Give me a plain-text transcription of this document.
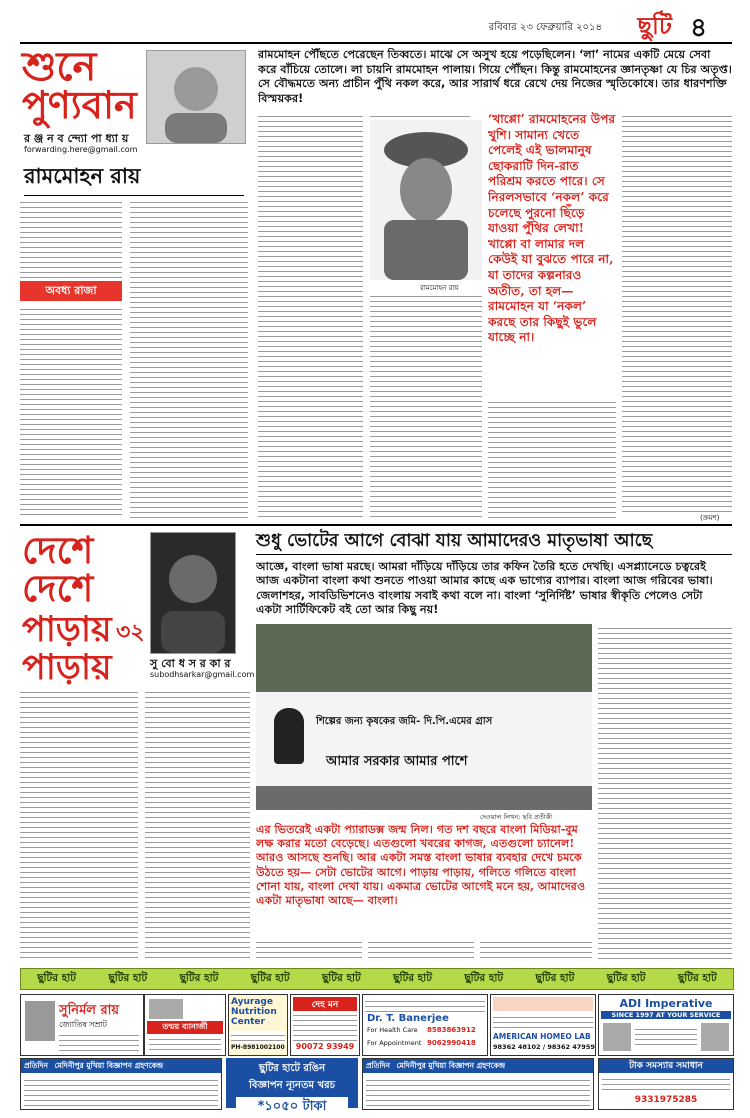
রবিবার ২৩ ফেব্রুয়ারি ২০১৪ ছুটি ৪
শুনে
পুণ্যবান
র ঞ্জ ন ব ন্দ্যো পা ধ্যা য়
forwarding.here@gmail.com
রামমোহন রায়
অবধ্য রাজা
রামমোহন পৌঁছতে পেরেছেন তিব্বতে। মাঝে সে অসুখ হয়ে পড়েছিলেন। ‘লা’ নামের একটি মেয়ে সেবা করে বাঁচিয়ে তোলে। লা চায়নি রামমোহন পালায়। গিয়ে পৌঁছন। কিন্তু রামমোহনের জ্ঞানতৃষ্ণা যে চির অতৃপ্ত। সে বৌদ্ধমতে অন্য প্রাচীন পুঁথি নকল করে, আর সারার্থ ধরে রেখে দেয় নিজের স্মৃতিকোষে। তার ধারণশক্তি বিস্ময়কর!
রামমোহন রায়
‘খাপ্পো’ রামমোহনের উপর খুশি। সামান্য খেতে পেলেই এই ভালমানুষ ছোকরাটি দিন-রাত পরিশ্রম করতে পারে। সে নিরলসভাবে ‘নকল’ করে চলেছে পুরনো ছিঁড়ে যাওয়া পুঁথির লেখা! খাপ্পো বা লামার দল কেউই যা বুঝতে পারে না, যা তাদের কল্পনারও অতীত, তা হল— রামমোহন যা ‘নকল’ করছে তার কিছুই ভুলে যাচ্ছে না।
(ক্রমশ)
দেশে
দেশে
পাড়ায়
পাড়ায়
৩২
সু বো ধ স র কা র
subodhsarkar@gmail.com
শুধু ভোটের আগে বোঝা যায় আমাদেরও মাতৃভাষা আছে
আজ্ঞে, বাংলা ভাষা মরছে। আমরা দাঁড়িয়ে দাঁড়িয়ে তার কফিন তৈরি হতে দেখছি। এসপ্ল্যানেডে চত্বরেই আজ একটানা বাংলা কথা শুনতে পাওয়া আমার কাছে এক ভাগ্যের ব্যাপার। বাংলা আজ গরিবের ভাষা। জেলাশহর, সাবডিভিশনেও বাংলায় সবাই কথা বলে না। বাংলা ‘সুনির্দিষ্ট’ ভাষার স্বীকৃতি পেলেও সেটা একটা সার্টিফিকেট বই তো আর কিছু নয়!
শিল্পের জন্য কৃষকের জমি- দি.পি.এমের গ্রাস
আমার সরকার আমার পাশে
দেওয়াল লিখন: ছবি প্রতীকী
এর ভিতরেই একটা প্যারাডক্স জন্ম নিল। গত দশ বছরে বাংলা মিডিয়া-বুম লক্ষ করার মতো বেড়েছে। এতগুলো খবরের কাগজ, এতগুলো চ্যানেল! আরও আসছে শুনছি। আর একটা সমস্ত বাংলা ভাষার ব্যবহার দেখে চমকে উঠতে হয়— সেটা ভোটের আগে। পাড়ায় পাড়ায়, গলিতে গলিতে বাংলা শোনা যায়, বাংলা দেখা যায়। একমাত্র ভোটের আগেই মনে হয়, আমাদেরও একটা মাতৃভাষা আছে— বাংলা।
ছুটির হাট	ছুটির হাট	ছুটির হাট	ছুটির হাট	ছুটির হাট	ছুটির হাট	ছুটির হাট	ছুটির হাট	ছুটির হাট	ছুটির হাট
সুনির্মল রায়
জ্যোতিষ সম্রাট	তন্ময় ব্যানার্জী
Ayurage Nutrition Center
PH-8981002100
দেহ মন
90072 93949
Dr. T. Banerjee
For Health Care 8583863912
For Appointment 9062990418
AMERICAN HOMEO LAB
98362 48102 / 98362 47959
ADI Imperative
SINCE 1997 AT YOUR SERVICE
প্রতিদিন মেদিনীপুর মুখিয়া বিজ্ঞাপন গ্রহণকেন্দ্র	ছুটির হাটে রঙিন
বিজ্ঞাপন ন্যূনতম খরচ
*১০৫০ টাকা
প্রতিদিন মেদিনীপুর মুখিয়া বিজ্ঞাপন গ্রহণকেন্দ্র	টাক সমস্যার সমাধান
9331975285
